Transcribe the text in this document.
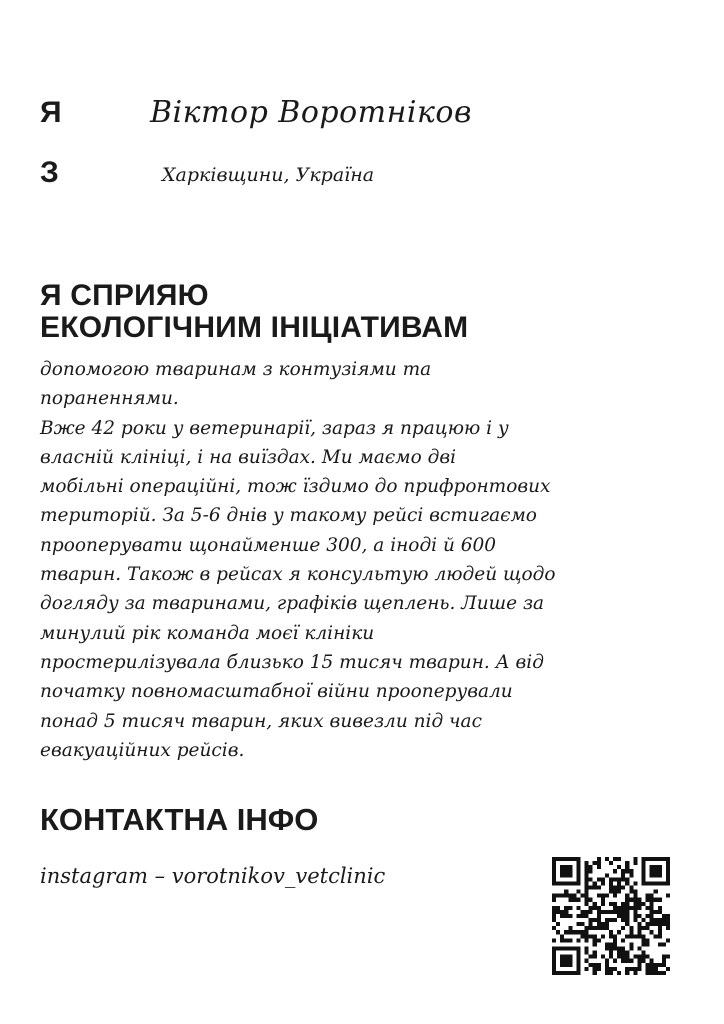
Я
З
Віктор Воротніков
Харківщини, Україна
Я СПРИЯЮ
ЕКОЛОГІЧНИМ ІНІЦІАТИВАМ
допомогою тваринам з контузіями та
пораненнями.
Вже 42 роки у ветеринарії, зараз я працюю і у
власній клініці, і на виїздах. Ми маємо дві
мобільні операційні, тож їздимо до прифронтових
територій. За 5-6 днів у такому рейсі встигаємо
прооперувати щонайменше 300, а іноді й 600
тварин. Також в рейсах я консультую людей щодо
догляду за тваринами, графіків щеплень. Лише за
минулий рік команда моєї клініки
простерилізувала близько 15 тисяч тварин. А від
початку повномасштабної війни прооперували
понад 5 тисяч тварин, яких вивезли під час
евакуаційних рейсів.
КОНТАКТНА ІНФО
instagram – vorotnikov_vetclinic
